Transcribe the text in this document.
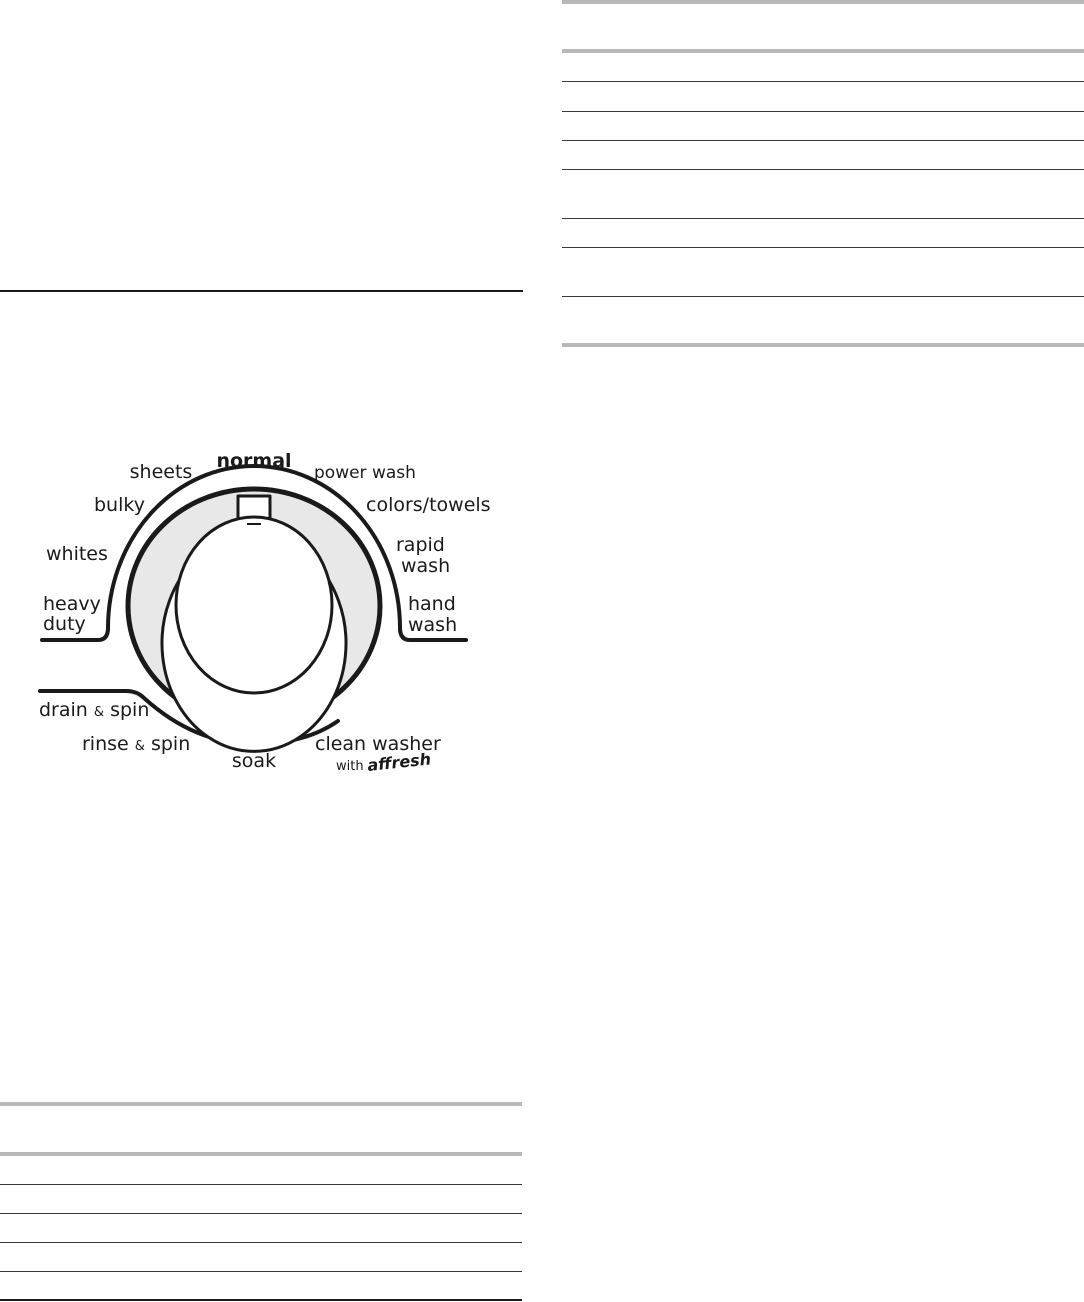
normal
sheets	power wash
bulky	colors/towels
whites	rapid
wash
heavy
duty
hand
wash
drain & spin
rinse & spin
soak
clean washer
with affresh
